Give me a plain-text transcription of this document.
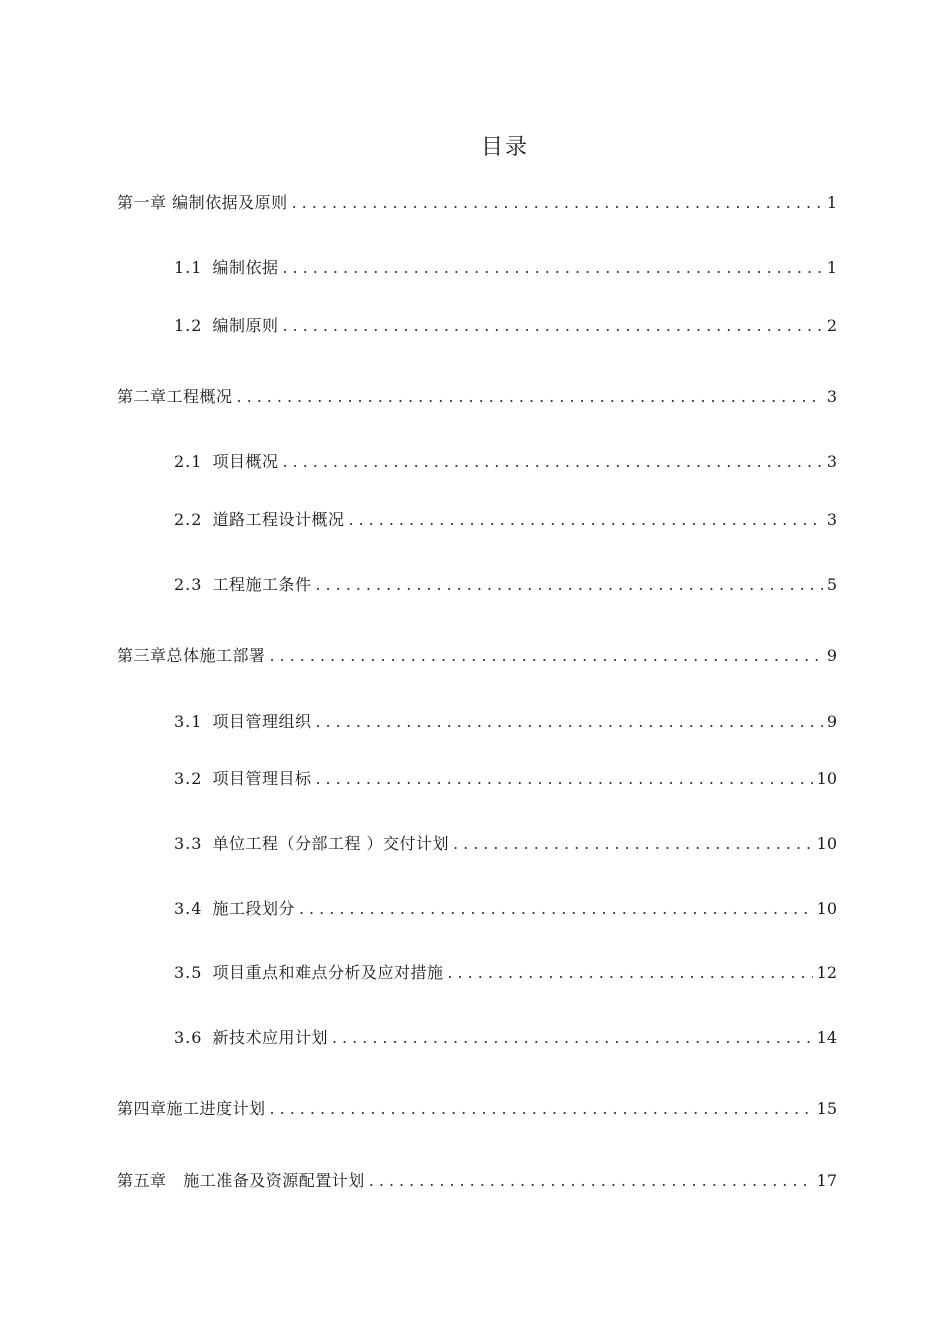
目录
第一章 编制依据及原则 .....	1
1.1 编制依据 .....	1
1.2 编制原则 .....	2
第二章工程概况 .....	3
2.1 项目概况 .....	3
2.2 道路工程设计概况 .....	3
2.3 工程施工条件 .....	5
第三章总体施工部署 .....	9
3.1 项目管理组织 .....	9
3.2 项目管理目标 .....	10
3.3 单位工程（分部工程 ）交付计划 .....	10
3.4 施工段划分 .....	10
3.5 项目重点和难点分析及应对措施 .....	12
3.6 新技术应用计划 .....	14
第四章施工进度计划 .....	15
第五章   施工准备及资源配置计划 .....	17
